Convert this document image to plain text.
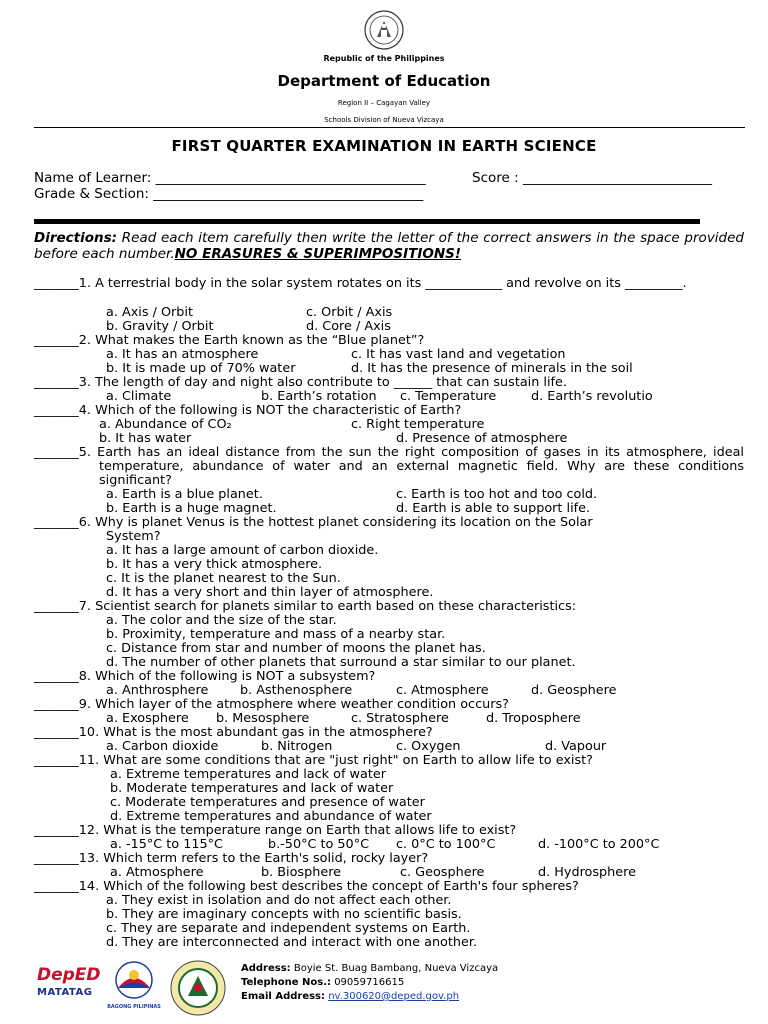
Republic of the Philippines
Department of Education
Region II – Cagayan Valley
Schools Division of Nueva Vizcaya
FIRST QUARTER EXAMINATION IN EARTH SCIENCE
Name of Learner: ________________________________________	Score : ____________________________
Grade & Section: ________________________________________
Directions: Read each item carefully then write the letter of the correct answers in the space provided before each number.NO ERASURES & SUPERIMPOSITIONS!
_______1. A terrestrial body in the solar system rotates on its ____________ and revolve on its _________.
a. Axis / Orbit	c. Orbit / Axis
b. Gravity / Orbit	d. Core / Axis
_______2. What makes the Earth known as the “Blue planet”?
a. It has an atmosphere	c. It has vast land and vegetation
b. It is made up of 70% water	d. It has the presence of minerals in the soil
_______3. The length of day and night also contribute to ______ that can sustain life.
a. Climate	b. Earth’s rotation c. Temperature	d. Earth’s revolutio
_______4. Which of the following is NOT the characteristic of Earth?
a. Abundance of CO₂	c. Right temperature
b. It has water	d. Presence of atmosphere
_______5. Earth has an ideal distance from the sun the right composition of gases in its atmosphere, ideal temperature, abundance of water and an external magnetic field. Why are these conditions significant?
a. Earth is a blue planet.	c. Earth is too hot and too cold.
b. Earth is a huge magnet.	d. Earth is able to support life.
_______6. Why is planet Venus is the hottest planet considering its location on the Solar
System?
a. It has a large amount of carbon dioxide.
b. It has a very thick atmosphere.
c. It is the planet nearest to the Sun.
d. It has a very short and thin layer of atmosphere.
_______7. Scientist search for planets similar to earth based on these characteristics:
a. The color and the size of the star.
b. Proximity, temperature and mass of a nearby star.
c. Distance from star and number of moons the planet has.
d. The number of other planets that surround a star similar to our planet.
_______8. Which of the following is NOT a subsystem?
a. Anthrosphere b. Asthenosphere	c. Atmosphere	d. Geosphere
_______9. Which layer of the atmosphere where weather condition occurs?
a. Exosphere b. Mesosphere	c. Stratosphere	d. Troposphere
_______10. What is the most abundant gas in the atmosphere?
a. Carbon dioxide	b. Nitrogen	c. Oxygen	d. Vapour
_______11. What are some conditions that are "just right" on Earth to allow life to exist?
a. Extreme temperatures and lack of water
b. Moderate temperatures and lack of water
c. Moderate temperatures and presence of water
d. Extreme temperatures and abundance of water
_______12. What is the temperature range on Earth that allows life to exist?
a. -15°C to 115°C	b.-50°C to 50°C c. 0°C to 100°C	d. -100°C to 200°C
_______13. Which term refers to the Earth's solid, rocky layer?
a. Atmosphere	b. Biosphere	c. Geosphere	d. Hydrosphere
_______14. Which of the following best describes the concept of Earth's four spheres?
a. They exist in isolation and do not affect each other.
b. They are imaginary concepts with no scientific basis.
c. They are separate and independent systems on Earth.
d. They are interconnected and interact with one another.
DepED
MATATAG
BAGONG PILIPINAS
Address: Boyie St. Buag Bambang, Nueva Vizcaya
Telephone Nos.: 09059716615
Email Address: nv.300620@deped.gov.ph
